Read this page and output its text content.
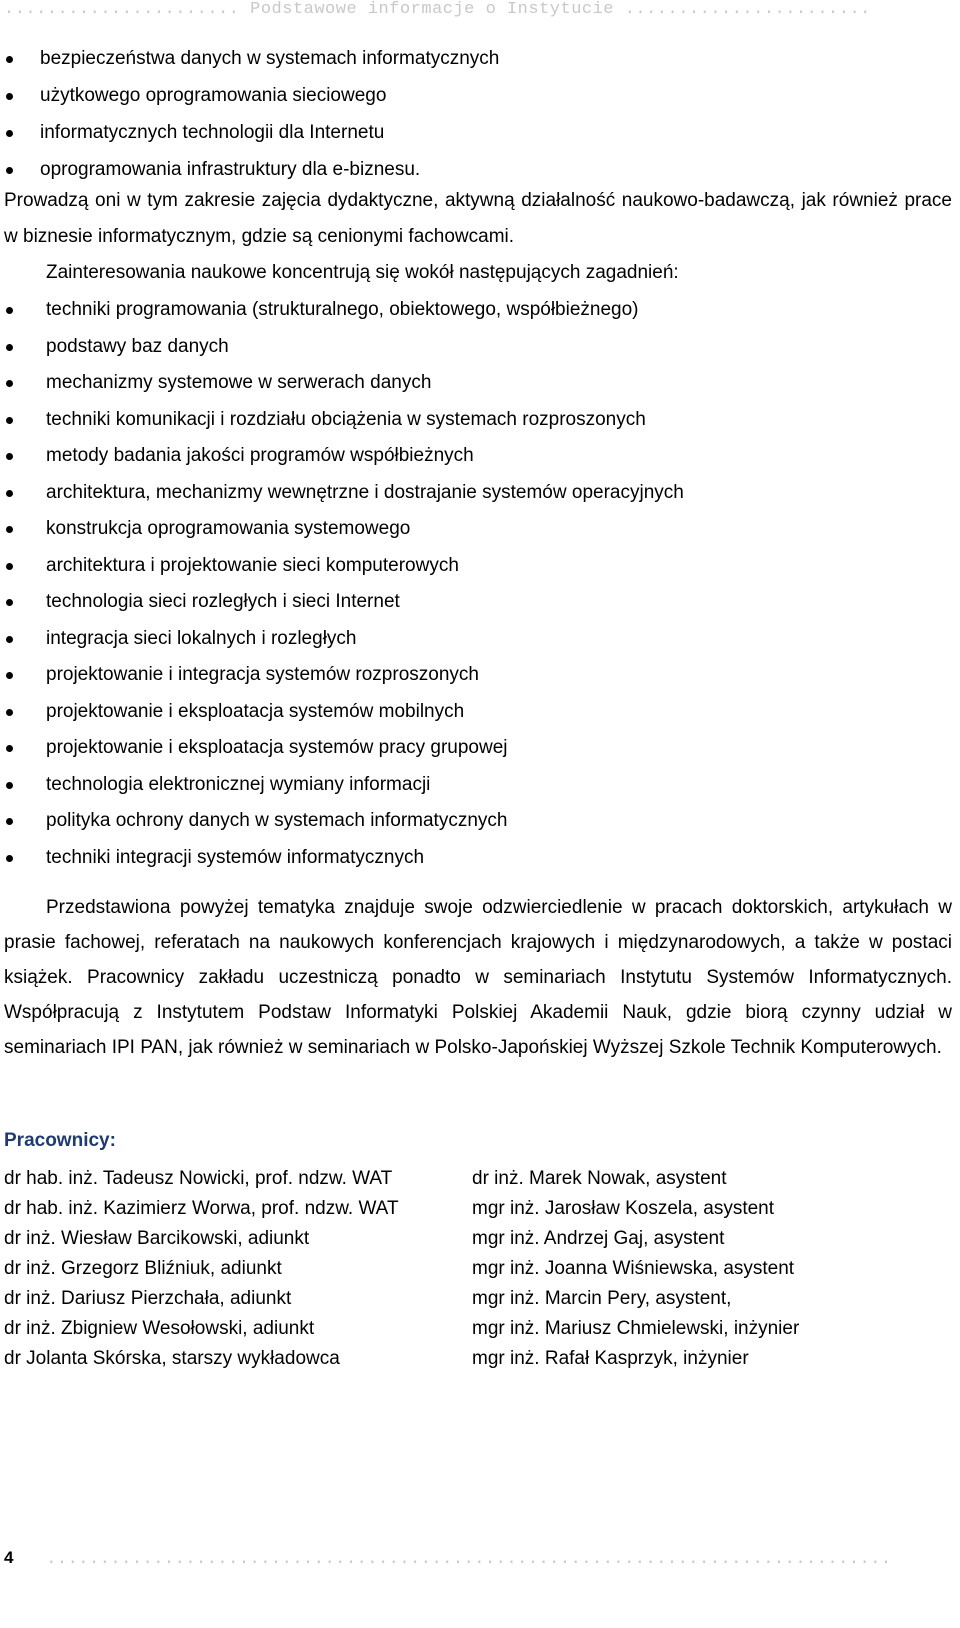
...................... Podstawowe informacje o Instytucie .......................
bezpieczeństwa danych w systemach informatycznych
użytkowego oprogramowania sieciowego
informatycznych technologii dla Internetu
oprogramowania infrastruktury dla e-biznesu.
Prowadzą oni w tym zakresie zajęcia dydaktyczne, aktywną działalność naukowo-badawczą, jak również prace w biznesie informatycznym, gdzie są cenionymi fachowcami.
Zainteresowania naukowe koncentrują się wokół następujących zagadnień:
techniki programowania (strukturalnego, obiektowego, współbieżnego)
podstawy baz danych
mechanizmy systemowe w serwerach danych
techniki komunikacji i rozdziału obciążenia w systemach rozproszonych
metody badania jakości programów współbieżnych
architektura, mechanizmy wewnętrzne i dostrajanie systemów operacyjnych
konstrukcja oprogramowania systemowego
architektura i projektowanie sieci komputerowych
technologia sieci rozległych i sieci Internet
integracja sieci lokalnych i rozległych
projektowanie i integracja systemów rozproszonych
projektowanie i eksploatacja systemów mobilnych
projektowanie i eksploatacja systemów pracy grupowej
technologia elektronicznej wymiany informacji
polityka ochrony danych w systemach informatycznych
techniki integracji systemów informatycznych
Przedstawiona powyżej tematyka znajduje swoje odzwierciedlenie w pracach doktorskich, artykułach w prasie fachowej, referatach na naukowych konferencjach krajowych i międzynarodowych, a także w postaci książek. Pracownicy zakładu uczestniczą ponadto w seminariach Instytutu Systemów Informatycznych. Współpracują z Instytutem Podstaw Informatyki Polskiej Akademii Nauk, gdzie biorą czynny udział w seminariach IPI PAN, jak również w seminariach w Polsko-Japońskiej Wyższej Szkole Technik Komputerowych.
Pracownicy:
dr hab. inż. Tadeusz Nowicki, prof. ndzw. WAT
dr hab. inż. Kazimierz Worwa, prof. ndzw. WAT
dr inż. Wiesław Barcikowski, adiunkt
dr inż. Grzegorz Bliźniuk, adiunkt
dr inż. Dariusz Pierzchała, adiunkt
dr inż. Zbigniew Wesołowski, adiunkt
dr Jolanta Skórska, starszy wykładowca
dr inż. Marek Nowak, asystent
mgr inż. Jarosław Koszela, asystent
mgr inż. Andrzej Gaj, asystent
mgr inż. Joanna Wiśniewska, asystent
mgr inż. Marcin Pery, asystent,
mgr inż. Mariusz Chmielewski, inżynier
mgr inż. Rafał Kasprzyk, inżynier
4 ...............................................................................
